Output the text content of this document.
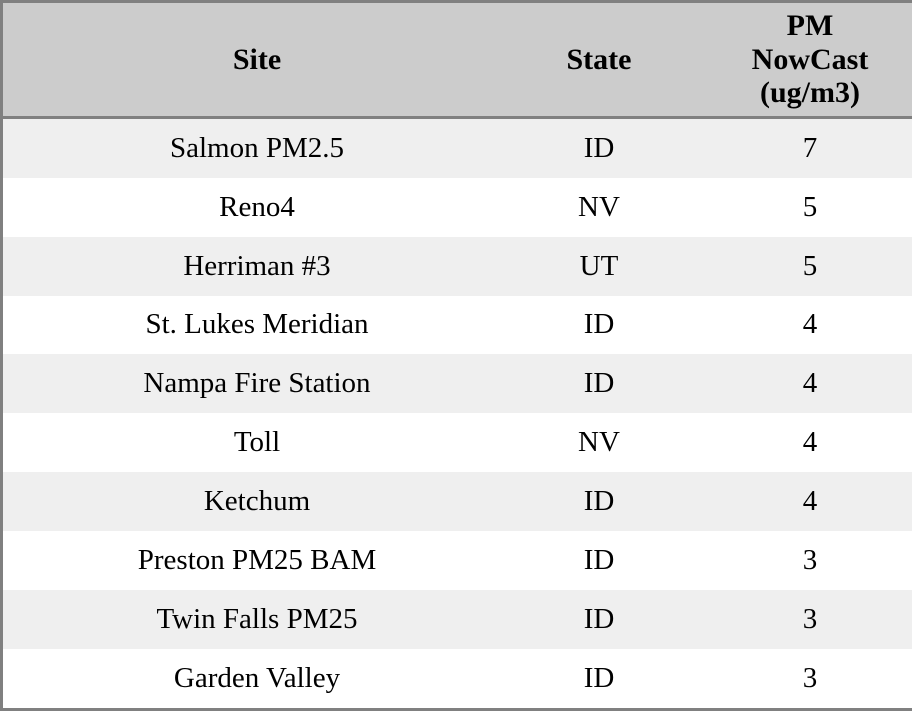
Site	State	PM
NowCast
(ug/m3)

Salmon PM2.5	ID	7
Reno4	NV	5
Herriman #3	UT	5
St. Lukes Meridian	ID	4
Nampa Fire Station	ID	4
Toll	NV	4
Ketchum	ID	4
Preston PM25 BAM	ID	3
Twin Falls PM25	ID	3
Garden Valley	ID	3
